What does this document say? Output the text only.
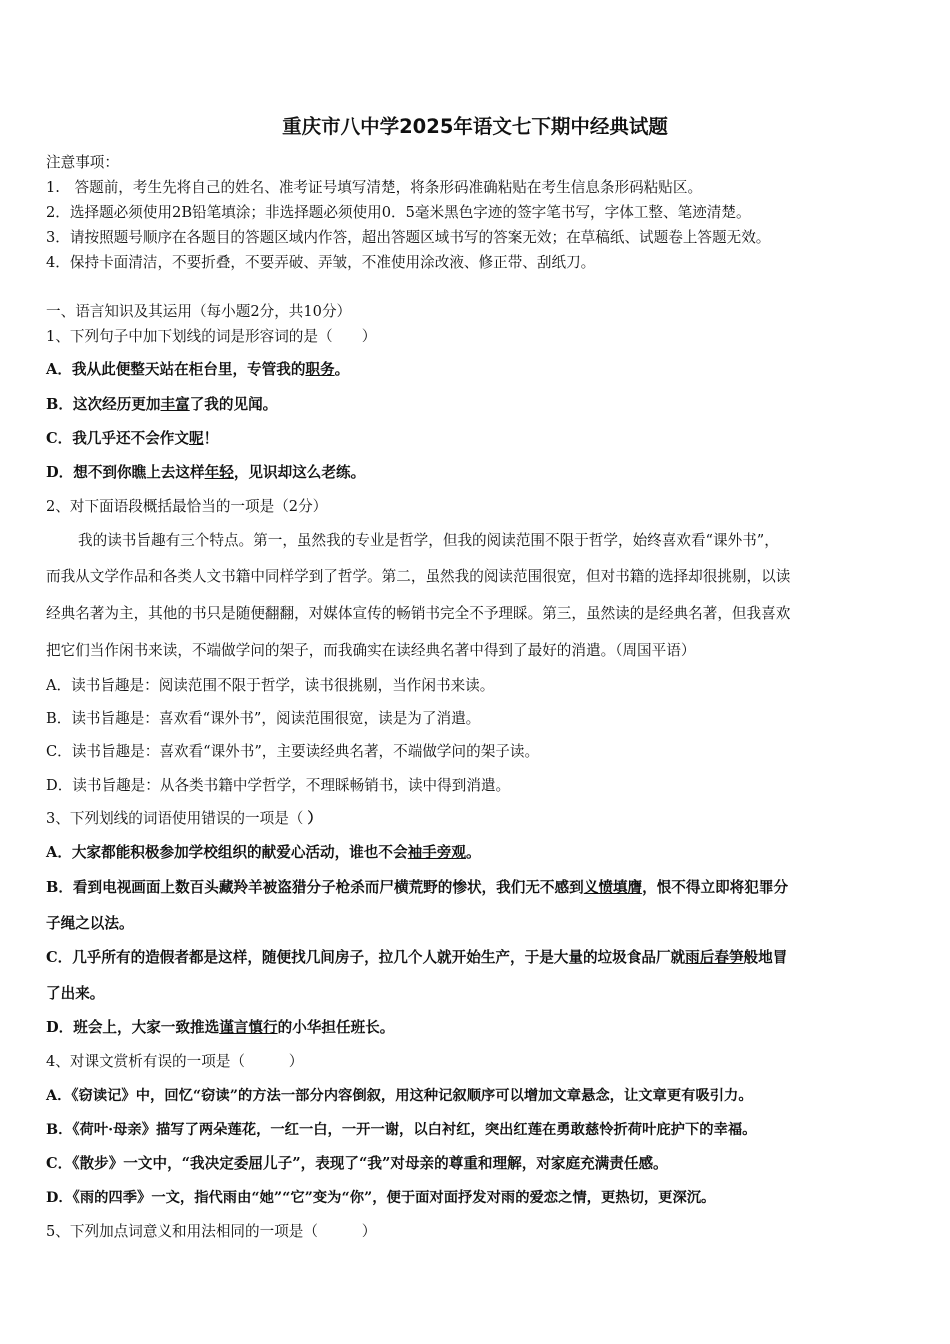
重庆市八中学2025年语文七下期中经典试题
注意事项：
1.　答题前，考生先将自己的姓名、准考证号填写清楚，将条形码准确粘贴在考生信息条形码粘贴区。
2．选择题必须使用2B铅笔填涂；非选择题必须使用0．5毫米黑色字迹的签字笔书写，字体工整、笔迹清楚。
3．请按照题号顺序在各题目的答题区域内作答，超出答题区域书写的答案无效；在草稿纸、试题卷上答题无效。
4．保持卡面清洁，不要折叠，不要弄破、弄皱，不准使用涂改液、修正带、刮纸刀。
一、语言知识及其运用（每小题2分，共10分）
1、下列句子中加下划线的词是形容词的是（　　）
A．我从此便整天站在柜台里，专管我的职务。
B．这次经历更加丰富了我的见闻。
C．我几乎还不会作文呢！
D．想不到你瞧上去这样年轻，见识却这么老练。
2、对下面语段概括最恰当的一项是（2分）
我的读书旨趣有三个特点。第一，虽然我的专业是哲学，但我的阅读范围不限于哲学，始终喜欢看“课外书”，
而我从文学作品和各类人文书籍中同样学到了哲学。第二，虽然我的阅读范围很宽，但对书籍的选择却很挑剔，以读
经典名著为主，其他的书只是随便翻翻，对媒体宣传的畅销书完全不予理睬。第三，虽然读的是经典名著，但我喜欢
把它们当作闲书来读，不端做学问的架子，而我确实在读经典名著中得到了最好的消遣。（周国平语）
A．读书旨趣是：阅读范围不限于哲学，读书很挑剔，当作闲书来读。
B．读书旨趣是：喜欢看“课外书”，阅读范围很宽，读是为了消遣。
C．读书旨趣是：喜欢看“课外书”，主要读经典名著，不端做学问的架子读。
D．读书旨趣是：从各类书籍中学哲学，不理睬畅销书，读中得到消遣。
3、下列划线的词语使用错误的一项是（ ）
A．大家都能积极参加学校组织的献爱心活动，谁也不会袖手旁观。
B．看到电视画面上数百头藏羚羊被盗猎分子枪杀而尸横荒野的惨状，我们无不感到义愤填膺，恨不得立即将犯罪分
子绳之以法。
C．几乎所有的造假者都是这样，随便找几间房子，拉几个人就开始生产，于是大量的垃圾食品厂就雨后春笋般地冒
了出来。
D．班会上，大家一致推选谨言慎行的小华担任班长。
4、对课文赏析有误的一项是（　　　）
A．《窃读记》中，回忆“窃读”的方法一部分内容倒叙，用这种记叙顺序可以增加文章悬念，让文章更有吸引力。
B．《荷叶·母亲》描写了两朵莲花，一红一白，一开一谢，以白衬红，突出红莲在勇敢慈怜折荷叶庇护下的幸福。
C．《散步》一文中，“我决定委屈儿子”，表现了“我”对母亲的尊重和理解，对家庭充满责任感。
D．《雨的四季》一文，指代雨由“她”“它”变为“你”，便于面对面抒发对雨的爱恋之情，更热切，更深沉。
5、下列加点词意义和用法相同的一项是（　　　）
